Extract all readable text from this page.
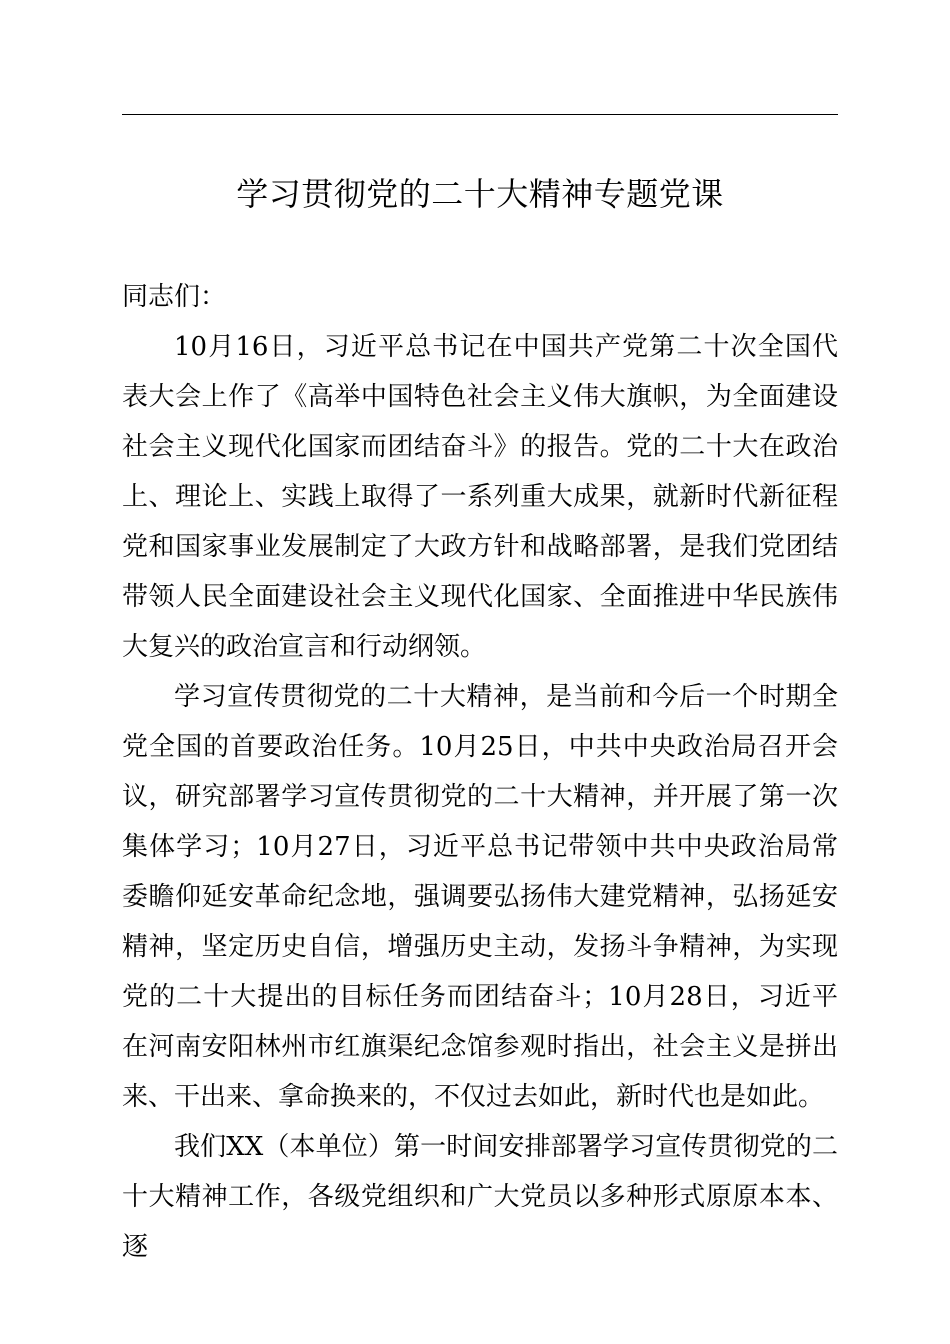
学习贯彻党的二十大精神专题党课

同志们：

10月16日，习近平总书记在中国共产党第二十次全国代表大会上作了《高举中国特色社会主义伟大旗帜，为全面建设社会主义现代化国家而团结奋斗》的报告。党的二十大在政治上、理论上、实践上取得了一系列重大成果，就新时代新征程党和国家事业发展制定了大政方针和战略部署，是我们党团结带领人民全面建设社会主义现代化国家、全面推进中华民族伟大复兴的政治宣言和行动纲领。

学习宣传贯彻党的二十大精神，是当前和今后一个时期全党全国的首要政治任务。10月25日，中共中央政治局召开会议，研究部署学习宣传贯彻党的二十大精神，并开展了第一次集体学习；10月27日，习近平总书记带领中共中央政治局常委瞻仰延安革命纪念地，强调要弘扬伟大建党精神，弘扬延安精神，坚定历史自信，增强历史主动，发扬斗争精神，为实现党的二十大提出的目标任务而团结奋斗；10月28日，习近平在河南安阳林州市红旗渠纪念馆参观时指出，社会主义是拼出来、干出来、拿命换来的，不仅过去如此，新时代也是如此。

我们XX（本单位）第一时间安排部署学习宣传贯彻党的二十大精神工作，各级党组织和广大党员以多种形式原原本本、逐
